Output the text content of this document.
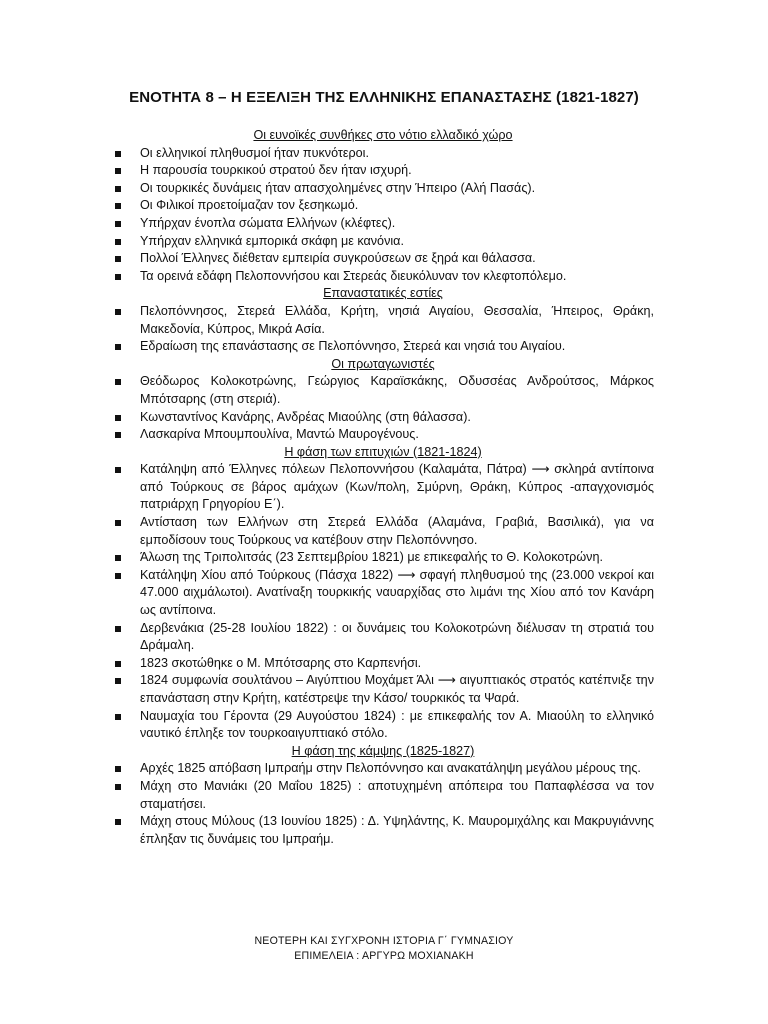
ΕΝΟΤΗΤΑ 8 – Η ΕΞΕΛΙΞΗ ΤΗΣ ΕΛΛΗΝΙΚΗΣ ΕΠΑΝΑΣΤΑΣΗΣ (1821-1827)

Οι ευνοϊκές συνθήκες στο νότιο ελλαδικό χώρο

Οι ελληνικοί πληθυσμοί ήταν πυκνότεροι.
Η παρουσία τουρκικού στρατού δεν ήταν ισχυρή.
Οι τουρκικές δυνάμεις ήταν απασχολημένες στην Ήπειρο (Αλή Πασάς).
Οι Φιλικοί προετοίμαζαν τον ξεσηκωμό.
Υπήρχαν ένοπλα σώματα Ελλήνων (κλέφτες).
Υπήρχαν ελληνικά εμπορικά σκάφη με κανόνια.
Πολλοί Έλληνες διέθεταν εμπειρία συγκρούσεων σε ξηρά και θάλασσα.
Τα ορεινά εδάφη Πελοποννήσου και Στερεάς διευκόλυναν τον κλεφτοπόλεμο.

Επαναστατικές εστίες

Πελοπόννησος, Στερεά Ελλάδα, Κρήτη, νησιά Αιγαίου, Θεσσαλία, Ήπειρος, Θράκη, Μακεδονία, Κύπρος, Μικρά Ασία.
Εδραίωση της επανάστασης σε Πελοπόννησο, Στερεά και νησιά του Αιγαίου.

Οι πρωταγωνιστές

Θεόδωρος Κολοκοτρώνης, Γεώργιος Καραϊσκάκης, Οδυσσέας Ανδρούτσος, Μάρκος Μπότσαρης (στη στεριά).
Κωνσταντίνος Κανάρης, Ανδρέας Μιαούλης (στη θάλασσα).
Λασκαρίνα Μπουμπουλίνα, Μαντώ Μαυρογένους.

Η φάση των επιτυχιών (1821-1824)

Κατάληψη από Έλληνες πόλεων Πελοποννήσου (Καλαμάτα, Πάτρα) ⟶ σκληρά αντίποινα από Τούρκους σε βάρος αμάχων (Κων/πολη, Σμύρνη, Θράκη, Κύπρος -απαγχονισμός πατριάρχη Γρηγορίου Ε΄).
Αντίσταση των Ελλήνων στη Στερεά Ελλάδα (Αλαμάνα, Γραβιά, Βασιλικά), για να εμποδίσουν τους Τούρκους να κατέβουν στην Πελοπόννησο.
Άλωση της Τριπολιτσάς (23 Σεπτεμβρίου 1821) με επικεφαλής το Θ. Κολοκοτρώνη.
Κατάληψη Χίου από Τούρκους (Πάσχα 1822) ⟶ σφαγή πληθυσμού της (23.000 νεκροί και 47.000 αιχμάλωτοι). Ανατίναξη τουρκικής ναυαρχίδας στο λιμάνι της Χίου από τον Κανάρη ως αντίποινα.
Δερβενάκια (25-28 Ιουλίου 1822) : οι δυνάμεις του Κολοκοτρώνη διέλυσαν τη στρατιά του Δράμαλη.
1823 σκοτώθηκε ο Μ. Μπότσαρης στο Καρπενήσι.
1824 συμφωνία σουλτάνου – Αιγύπτιου Μοχάμετ Άλι ⟶ αιγυπτιακός στρατός κατέπνιξε την επανάσταση στην Κρήτη, κατέστρεψε την Κάσο/ τουρκικός τα Ψαρά.
Ναυμαχία του Γέροντα (29 Αυγούστου 1824) : με επικεφαλής τον Α. Μιαούλη το ελληνικό ναυτικό έπληξε τον τουρκοαιγυπτιακό στόλο.

Η φάση της κάμψης (1825-1827)

Αρχές 1825 απόβαση Ιμπραήμ στην Πελοπόννησο και ανακατάληψη μεγάλου μέρους της.
Μάχη στο Μανιάκι (20 Μαΐου 1825) : αποτυχημένη απόπειρα του Παπαφλέσσα να τον σταματήσει.
Μάχη στους Μύλους (13 Ιουνίου 1825) : Δ. Υψηλάντης, Κ. Μαυρομιχάλης και Μακρυγιάννης έπληξαν τις δυνάμεις του Ιμπραήμ.
ΝΕΟΤΕΡΗ ΚΑΙ ΣΥΓΧΡΟΝΗ ΙΣΤΟΡΙΑ Γ΄ ΓΥΜΝΑΣΙΟΥ
ΕΠΙΜΕΛΕΙΑ : ΑΡΓΥΡΩ ΜΟΧΙΑΝΑΚΗ
